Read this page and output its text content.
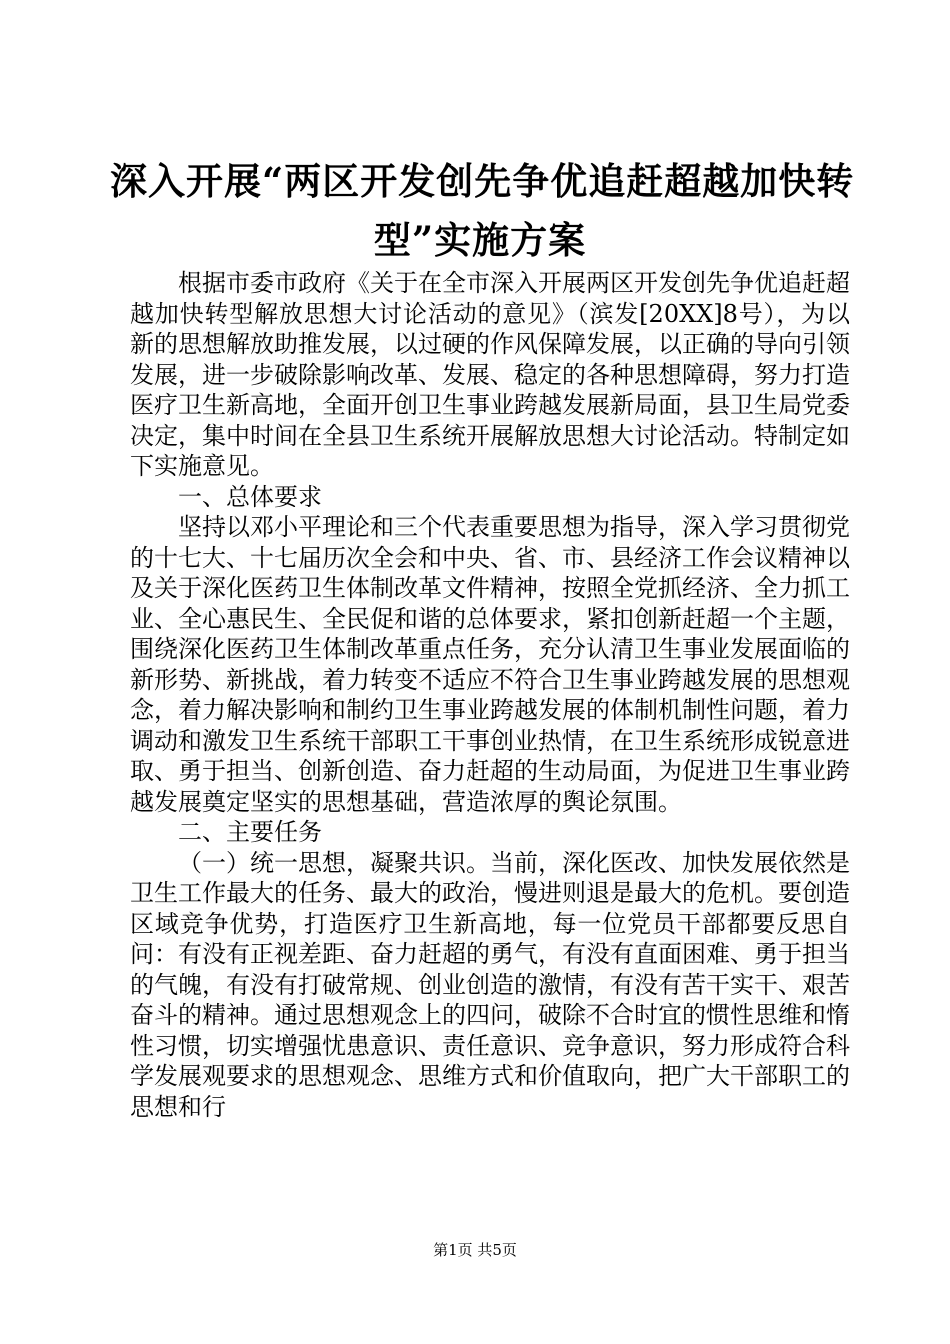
深入开展“两区开发创先争优追赶超越加快转
型”实施方案

根据市委市政府《关于在全市深入开展两区开发创先争优追赶超越加快转型解放思想大讨论活动的意见》（滨发[20XX]8号），为以新的思想解放助推发展，以过硬的作风保障发展，以正确的导向引领发展，进一步破除影响改革、发展、稳定的各种思想障碍，努力打造医疗卫生新高地，全面开创卫生事业跨越发展新局面，县卫生局党委决定，集中时间在全县卫生系统开展解放思想大讨论活动。特制定如下实施意见。

一、总体要求

坚持以邓小平理论和三个代表重要思想为指导，深入学习贯彻党的十七大、十七届历次全会和中央、省、市、县经济工作会议精神以及关于深化医药卫生体制改革文件精神，按照全党抓经济、全力抓工业、全心惠民生、全民促和谐的总体要求，紧扣创新赶超一个主题，围绕深化医药卫生体制改革重点任务，充分认清卫生事业发展面临的新形势、新挑战，着力转变不适应不符合卫生事业跨越发展的思想观念，着力解决影响和制约卫生事业跨越发展的体制机制性问题，着力调动和激发卫生系统干部职工干事创业热情，在卫生系统形成锐意进取、勇于担当、创新创造、奋力赶超的生动局面，为促进卫生事业跨越发展奠定坚实的思想基础，营造浓厚的舆论氛围。

二、主要任务

（一）统一思想，凝聚共识。当前，深化医改、加快发展依然是卫生工作最大的任务、最大的政治，慢进则退是最大的危机。要创造区域竞争优势，打造医疗卫生新高地，每一位党员干部都要反思自问：有没有正视差距、奋力赶超的勇气，有没有直面困难、勇于担当的气魄，有没有打破常规、创业创造的激情，有没有苦干实干、艰苦奋斗的精神。通过思想观念上的四问，破除不合时宜的惯性思维和惰性习惯，切实增强忧患意识、责任意识、竞争意识，努力形成符合科学发展观要求的思想观念、思维方式和价值取向，把广大干部职工的思想和行

第1页 共5页
